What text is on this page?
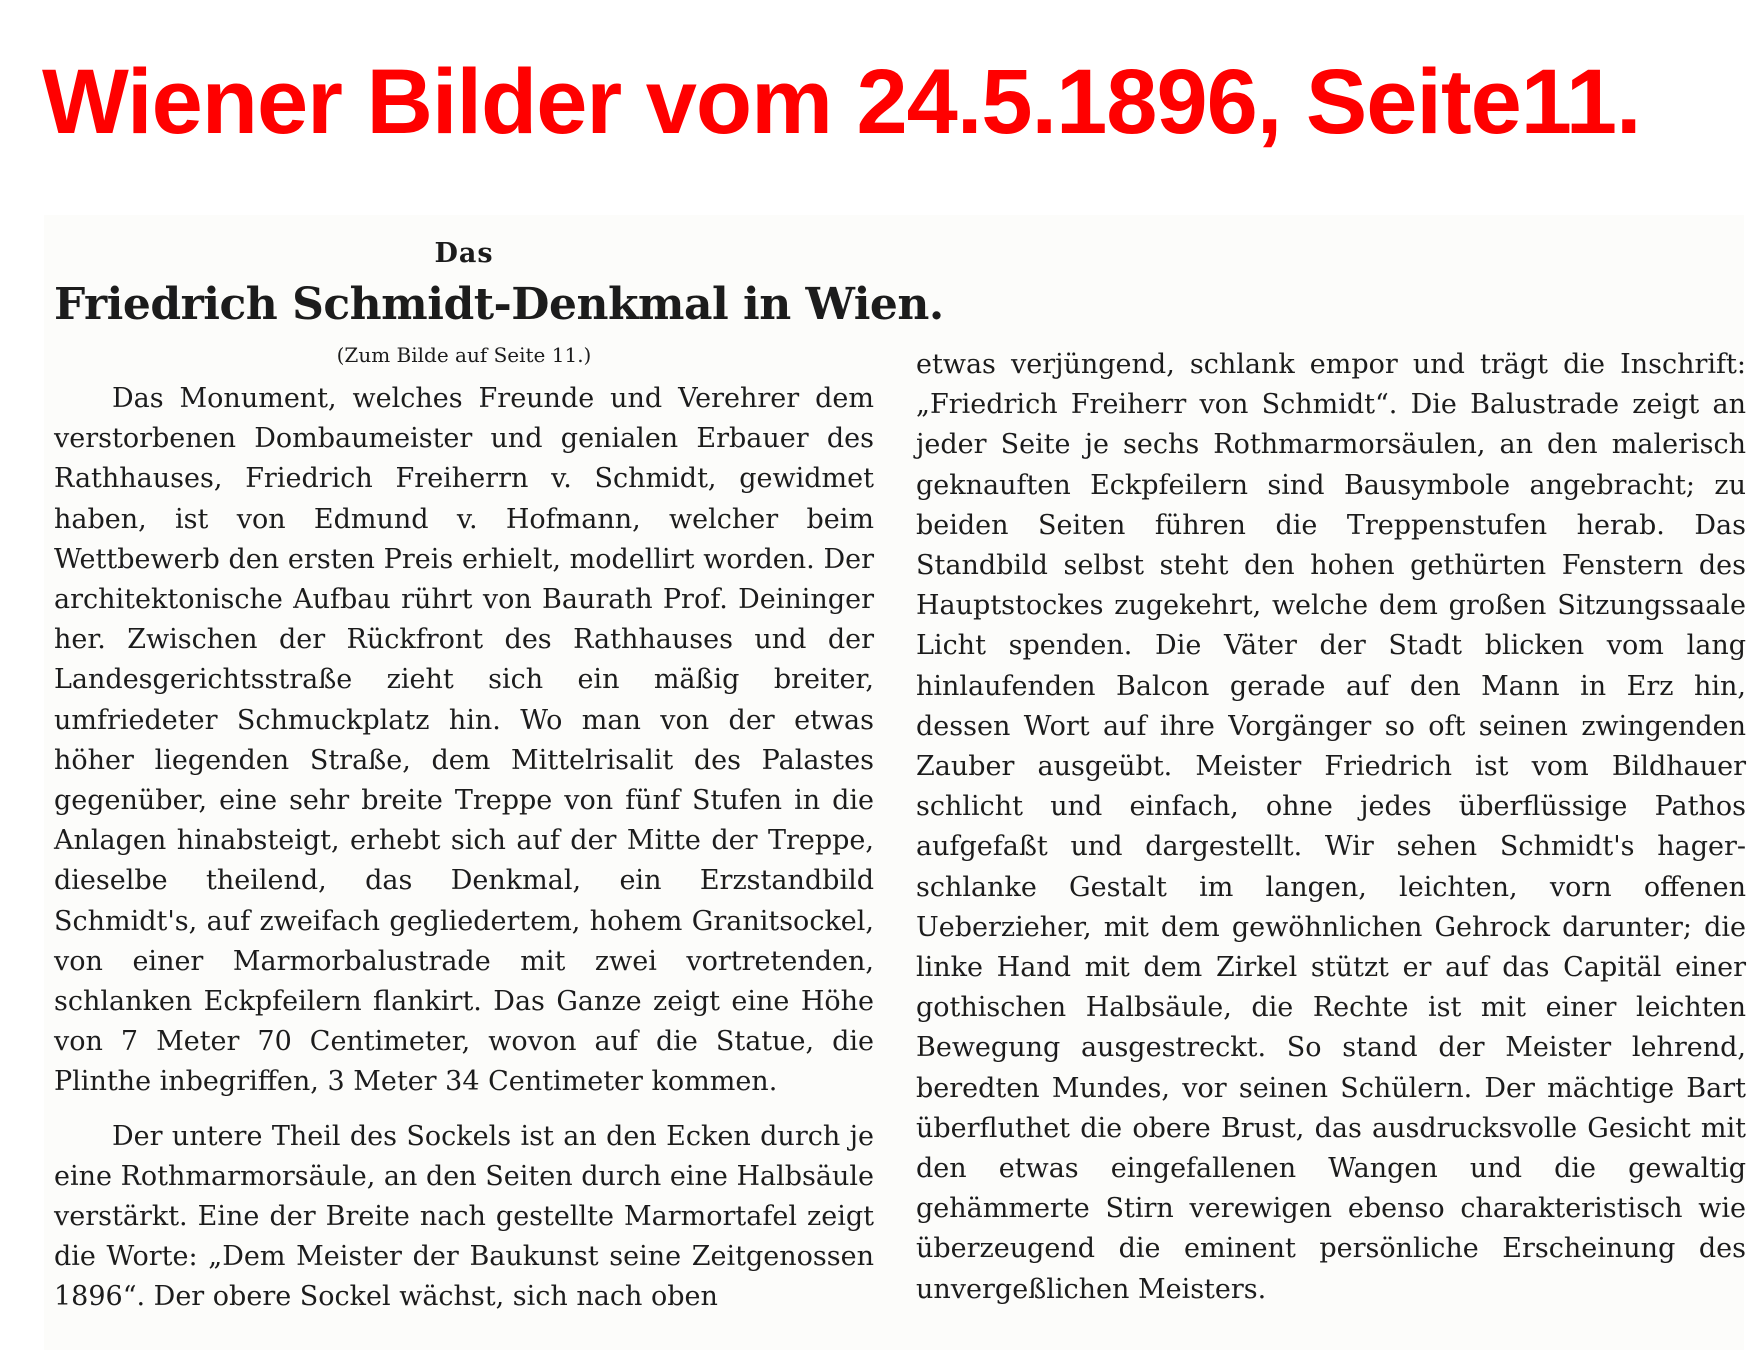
Wiener Bilder vom 24.5.1896, Seite11.

Das

Friedrich Schmidt-Denkmal in Wien.

(Zum Bilde auf Seite 11.)

Das Monument, welches Freunde und Verehrer dem verstorbenen Dombaumeister und genialen Erbauer des Rathhauses, Friedrich Freiherrn v. Schmidt, gewidmet haben, ist von Edmund v. Hofmann, welcher beim Wettbewerb den ersten Preis erhielt, modellirt worden. Der architektonische Aufbau rührt von Baurath Prof. Deininger her. Zwischen der Rückfront des Rathhauses und der Landesgerichtsstraße zieht sich ein mäßig breiter, umfriedeter Schmuckplatz hin. Wo man von der etwas höher liegenden Straße, dem Mittelrisalit des Palastes gegenüber, eine sehr breite Treppe von fünf Stufen in die Anlagen hinabsteigt, erhebt sich auf der Mitte der Treppe, dieselbe theilend, das Denkmal, ein Erzstandbild Schmidt's, auf zweifach gegliedertem, hohem Granitsockel, von einer Marmorbalustrade mit zwei vortretenden, schlanken Eckpfeilern flankirt. Das Ganze zeigt eine Höhe von 7 Meter 70 Centimeter, wovon auf die Statue, die Plinthe inbegriffen, 3 Meter 34 Centimeter kommen.

Der untere Theil des Sockels ist an den Ecken durch je eine Rothmarmorsäule, an den Seiten durch eine Halbsäule verstärkt. Eine der Breite nach gestellte Marmortafel zeigt die Worte: „Dem Meister der Baukunst seine Zeitgenossen 1896“. Der obere Sockel wächst, sich nach oben

etwas verjüngend, schlank empor und trägt die Inschrift: „Friedrich Freiherr von Schmidt“. Die Balustrade zeigt an jeder Seite je sechs Rothmarmorsäulen, an den malerisch geknauften Eckpfeilern sind Bausymbole angebracht; zu beiden Seiten führen die Treppenstufen herab. Das Standbild selbst steht den hohen gethürten Fenstern des Hauptstockes zugekehrt, welche dem großen Sitzungssaale Licht spenden. Die Väter der Stadt blicken vom lang hinlaufenden Balcon gerade auf den Mann in Erz hin, dessen Wort auf ihre Vorgänger so oft seinen zwingenden Zauber ausgeübt. Meister Friedrich ist vom Bildhauer schlicht und einfach, ohne jedes überflüssige Pathos aufgefaßt und dargestellt. Wir sehen Schmidt's hager-schlanke Gestalt im langen, leichten, vorn offenen Ueberzieher, mit dem gewöhnlichen Gehrock darunter; die linke Hand mit dem Zirkel stützt er auf das Capitäl einer gothischen Halbsäule, die Rechte ist mit einer leichten Bewegung ausgestreckt. So stand der Meister lehrend, beredten Mundes, vor seinen Schülern. Der mächtige Bart überfluthet die obere Brust, das ausdrucksvolle Gesicht mit den etwas eingefallenen Wangen und die gewaltig gehämmerte Stirn verewigen ebenso charakteristisch wie überzeugend die eminent persönliche Erscheinung des unvergeßlichen Meisters.
